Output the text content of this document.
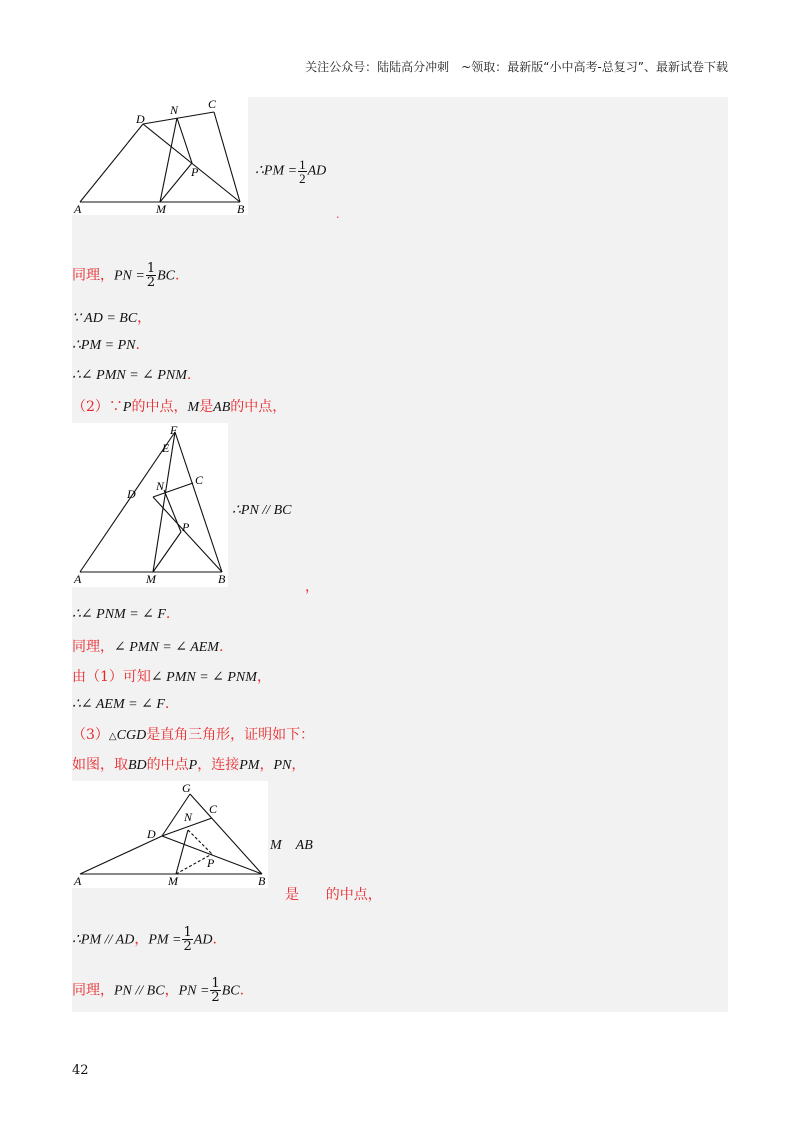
关注公众号：陆陆高分冲刺　~领取：最新版“小中高考-总复习”、最新试卷下载
A	M	B
D
N C
P	∴PM = $\frac{1}{2}$ AD
.
同理，PN = $\frac{1}{2}$ BC.
∵ AD = BC，
∴PM = PN.
∴∠ PMN = ∠ PNM.
（2）∵P的中点，M是AB的中点，
A	M	B
D
N	C
P
E
F
∴PN // BC
，
∴∠ PNM = ∠ F.
同理，∠ PMN = ∠ AEM.
由（1）可知∠ PMN = ∠ PNM，
∴∠ AEM = ∠ F.
（3）△CGD是直角三角形，证明如下：
如图，取BD的中点P，连接PM，PN，
A	M	B
D
N
C
P
G
M AB
是 的中点，
∴PM // AD，PM = $\frac{1}{2}$ AD.
同理，PN // BC，PN = $\frac{1}{2}$ BC.
42
